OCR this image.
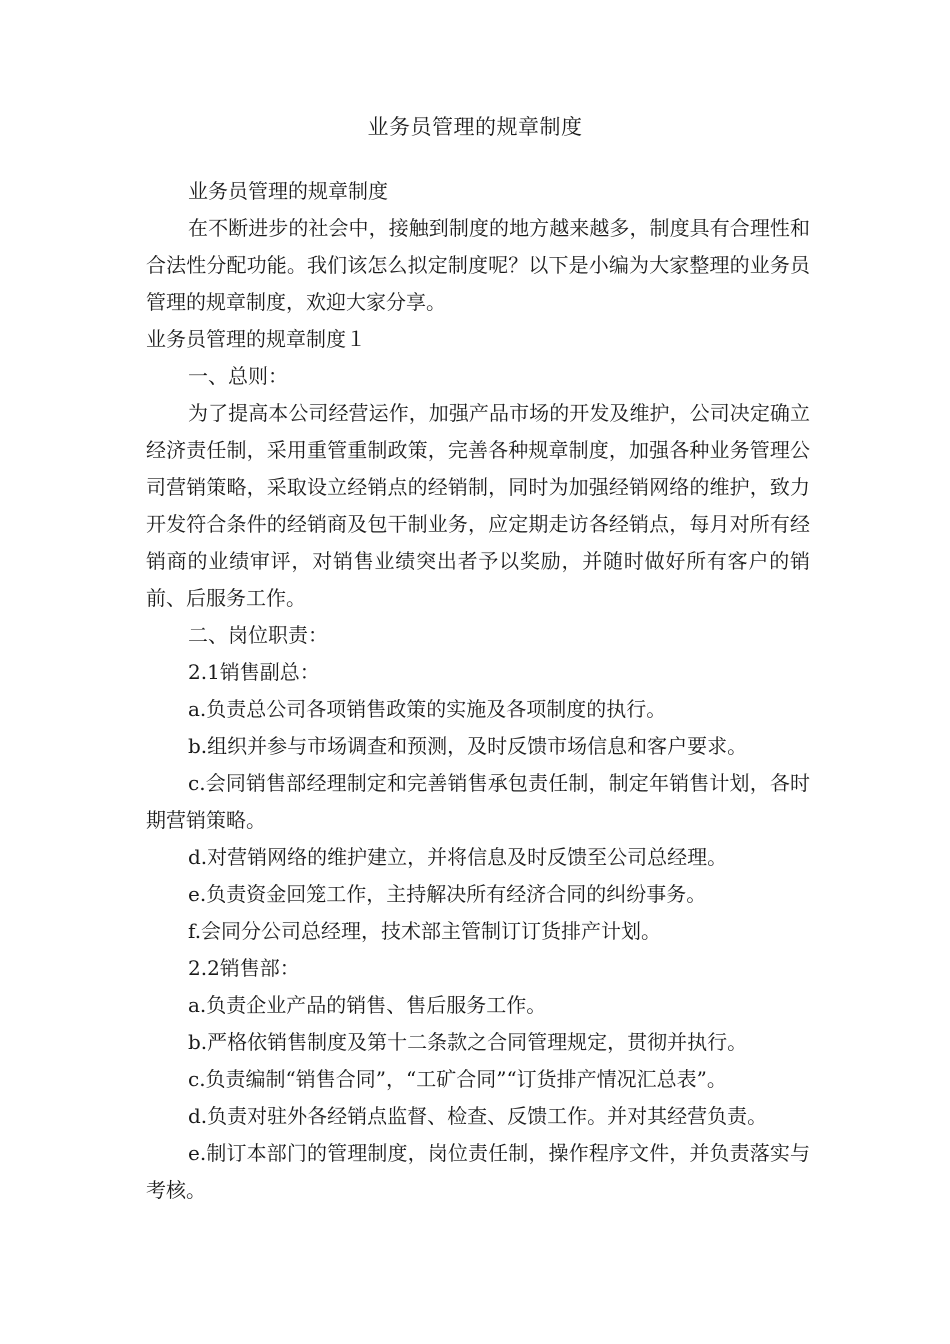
业务员管理的规章制度

业务员管理的规章制度

在不断进步的社会中，接触到制度的地方越来越多，制度具有合理性和合法性分配功能。我们该怎么拟定制度呢？以下是小编为大家整理的业务员管理的规章制度，欢迎大家分享。

业务员管理的规章制度１

一、总则：

为了提高本公司经营运作，加强产品市场的开发及维护，公司决定确立经济责任制，采用重管重制政策，完善各种规章制度，加强各种业务管理公司营销策略，采取设立经销点的经销制，同时为加强经销网络的维护，致力开发符合条件的经销商及包干制业务，应定期走访各经销点，每月对所有经销商的业绩审评，对销售业绩突出者予以奖励，并随时做好所有客户的销前、后服务工作。

二、岗位职责：

2.1销售副总：

a.负责总公司各项销售政策的实施及各项制度的执行。

b.组织并参与市场调查和预测，及时反馈市场信息和客户要求。

c.会同销售部经理制定和完善销售承包责任制，制定年销售计划，各时期营销策略。

d.对营销网络的维护建立，并将信息及时反馈至公司总经理。

e.负责资金回笼工作，主持解决所有经济合同的纠纷事务。

f.会同分公司总经理，技术部主管制订订货排产计划。

2.2销售部：

a.负责企业产品的销售、售后服务工作。

b.严格依销售制度及第十二条款之合同管理规定，贯彻并执行。

c.负责编制“销售合同”，“工矿合同”“订货排产情况汇总表”。

d.负责对驻外各经销点监督、检查、反馈工作。并对其经营负责。

e.制订本部门的管理制度，岗位责任制，操作程序文件，并负责落实与考核。
